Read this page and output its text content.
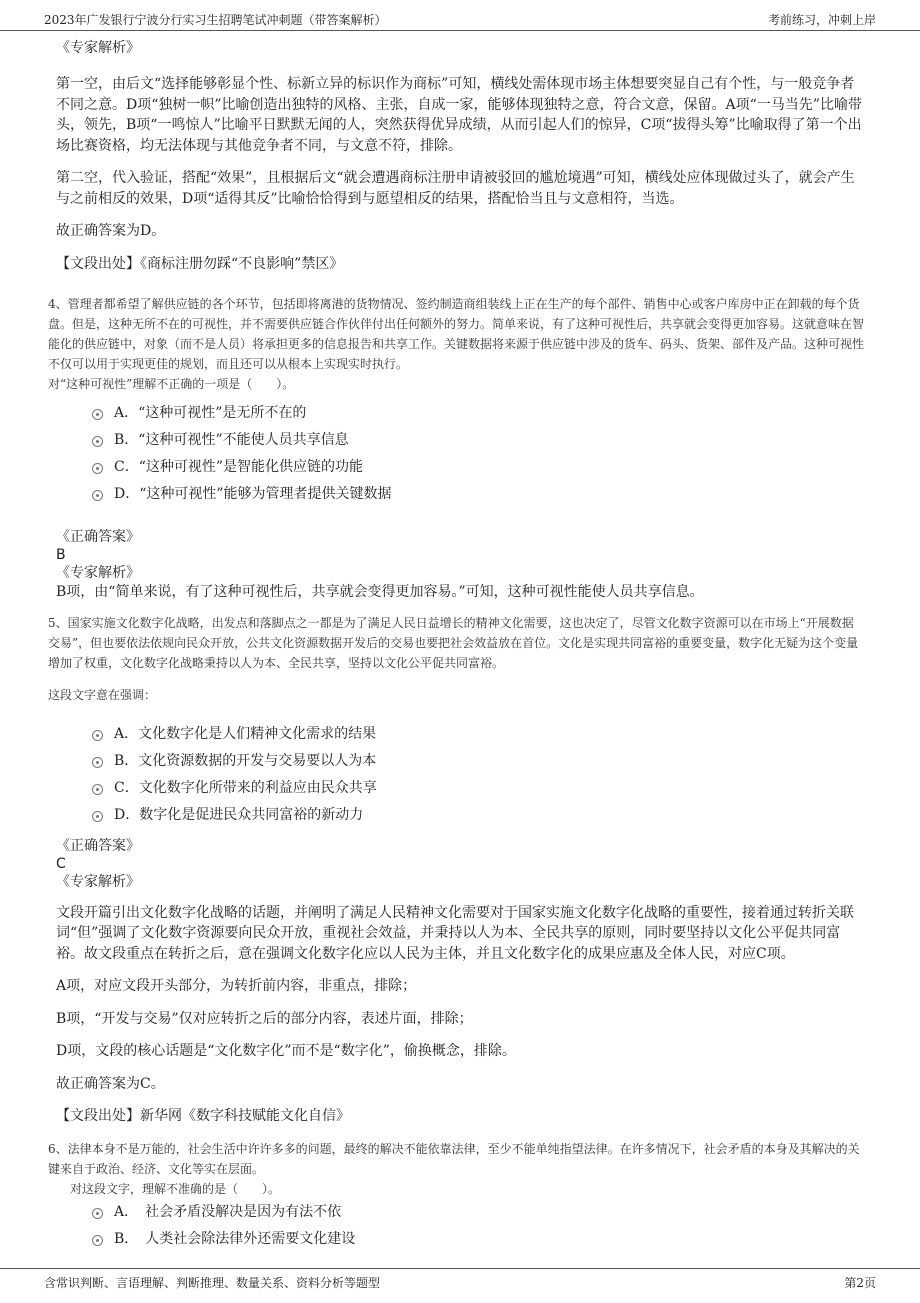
2023年广发银行宁波分行实习生招聘笔试冲刺题（带答案解析）	考前练习，冲刺上岸

《专家解析》

第一空，由后文“选择能够彰显个性、标新立异的标识作为商标”可知，横线处需体现市场主体想要突显自己有个性，与一般竞争者不同之意。D项“独树一帜”比喻创造出独特的风格、主张，自成一家，能够体现独特之意，符合文意，保留。A项“一马当先”比喻带头，领先，B项“一鸣惊人”比喻平日默默无闻的人，突然获得优异成绩，从而引起人们的惊异，C项“拔得头筹”比喻取得了第一个出场比赛资格，均无法体现与其他竞争者不同，与文意不符，排除。

第二空，代入验证，搭配“效果”，且根据后文“就会遭遇商标注册申请被驳回的尴尬境遇”可知，横线处应体现做过头了，就会产生与之前相反的效果，D项“适得其反”比喻恰恰得到与愿望相反的结果，搭配恰当且与文意相符，当选。

故正确答案为D。

【文段出处】《商标注册勿踩“不良影响”禁区》

4、管理者都希望了解供应链的各个环节，包括即将离港的货物情况、签约制造商组装线上正在生产的每个部件、销售中心或客户库房中正在卸载的每个货盘。但是，这种无所不在的可视性，并不需要供应链合作伙伴付出任何额外的努力。简单来说，有了这种可视性后，共享就会变得更加容易。这就意味在智能化的供应链中，对象（而不是人员）将承担更多的信息报告和共享工作。关键数据将来源于供应链中涉及的货车、码头、货架、部件及产品。这种可视性不仅可以用于实现更佳的规划，而且还可以从根本上实现实时执行。

对“这种可视性”理解不正确的一项是（　　）。

A．“这种可视性”是无所不在的
B．“这种可视性”不能使人员共享信息
C．“这种可视性”是智能化供应链的功能
D．“这种可视性”能够为管理者提供关键数据

《正确答案》

B

《专家解析》

B项，由“简单来说，有了这种可视性后，共享就会变得更加容易。”可知，这种可视性能使人员共享信息。

5、国家实施文化数字化战略，出发点和落脚点之一都是为了满足人民日益增长的精神文化需要，这也决定了，尽管文化数字资源可以在市场上“开展数据交易”，但也要依法依规向民众开放，公共文化资源数据开发后的交易也要把社会效益放在首位。文化是实现共同富裕的重要变量，数字化无疑为这个变量增加了权重，文化数字化战略秉持以人为本、全民共享，坚持以文化公平促共同富裕。

这段文字意在强调：

A．文化数字化是人们精神文化需求的结果
B．文化资源数据的开发与交易要以人为本
C．文化数字化所带来的利益应由民众共享
D．数字化是促进民众共同富裕的新动力

《正确答案》

C

《专家解析》

文段开篇引出文化数字化战略的话题，并阐明了满足人民精神文化需要对于国家实施文化数字化战略的重要性，接着通过转折关联词“但”强调了文化数字资源要向民众开放，重视社会效益，并秉持以人为本、全民共享的原则，同时要坚持以文化公平促共同富裕。故文段重点在转折之后，意在强调文化数字化应以人民为主体，并且文化数字化的成果应惠及全体人民，对应C项。

A项，对应文段开头部分，为转折前内容，非重点，排除；

B项，“开发与交易”仅对应转折之后的部分内容，表述片面，排除；

D项，文段的核心话题是“文化数字化”而不是“数字化”，偷换概念，排除。

故正确答案为C。

【文段出处】新华网《数字科技赋能文化自信》

6、法律本身不是万能的，社会生活中许许多多的问题，最终的解决不能依靠法律，至少不能单纯指望法律。在许多情况下，社会矛盾的本身及其解决的关键来自于政治、经济、文化等实在层面。

对这段文字，理解不准确的是（　　）。

A．　社会矛盾没解决是因为有法不依
B．　人类社会除法律外还需要文化建设
含常识判断、言语理解、判断推理、数量关系、资料分析等题型	第2页
